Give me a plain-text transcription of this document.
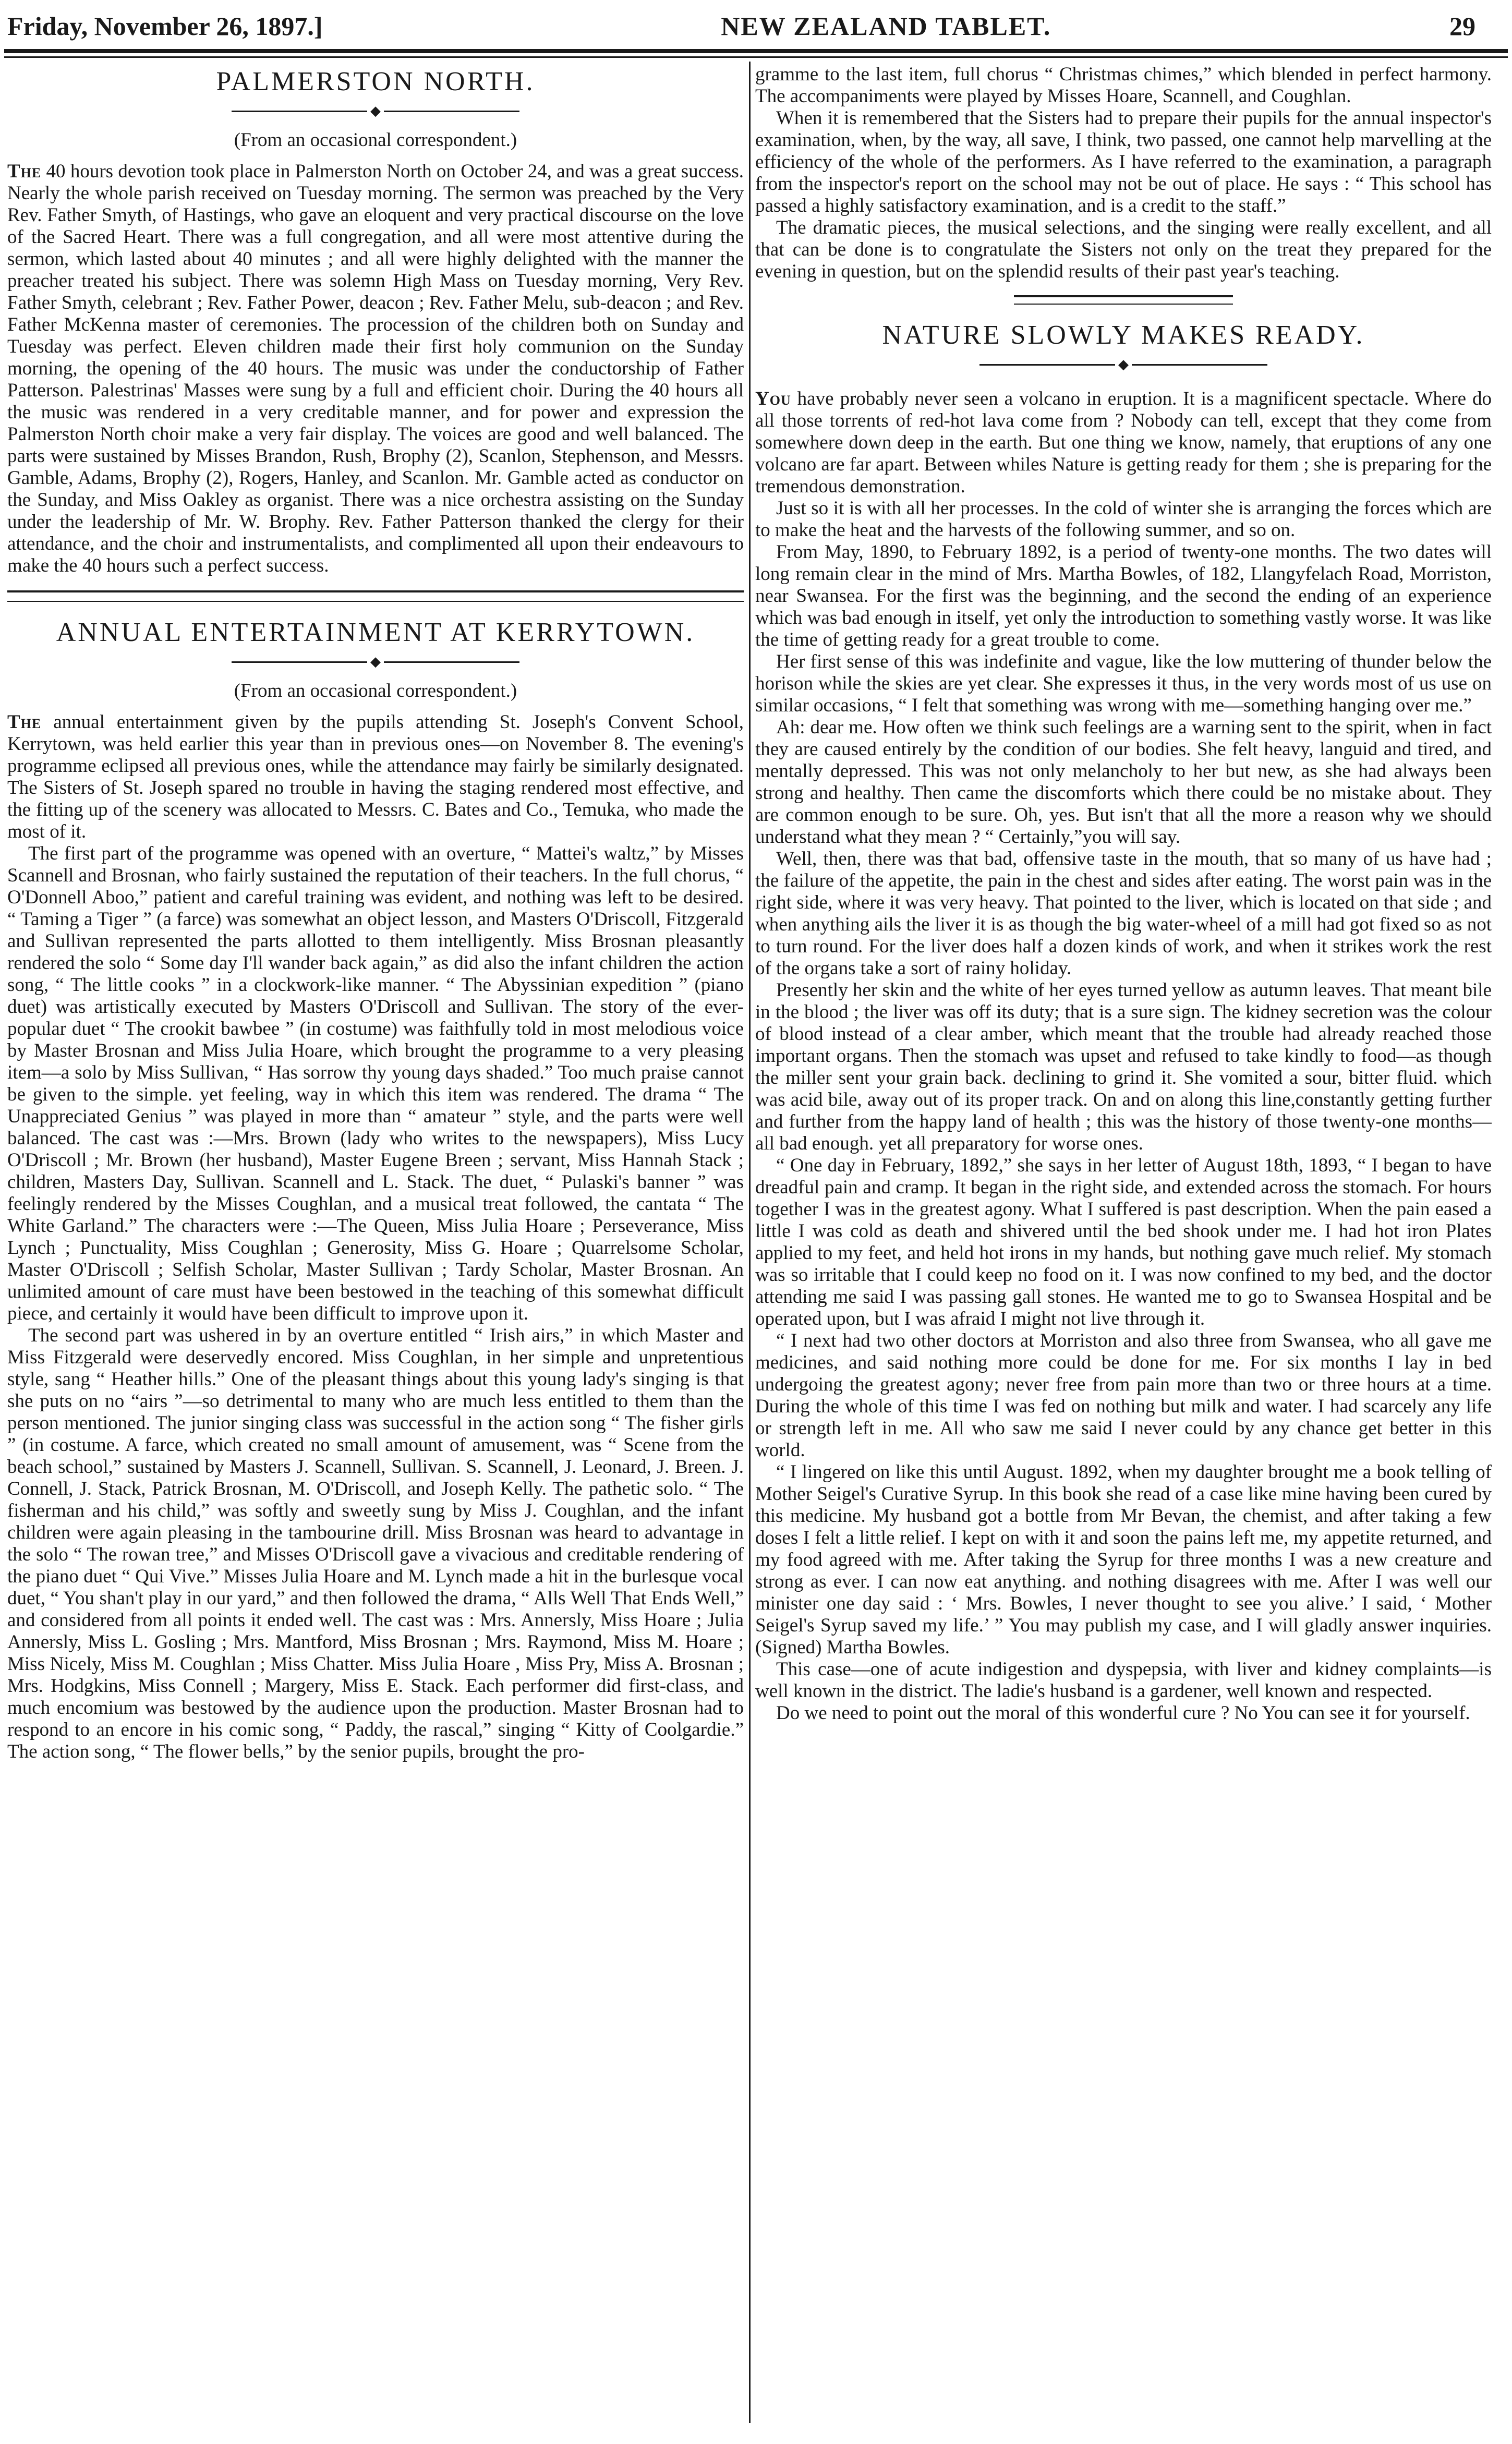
Friday, November 26, 1897.]	NEW ZEALAND TABLET.	29
PALMERSTON NORTH.
◆
(From an occasional correspondent.)

The 40 hours devotion took place in Palmerston North on October 24, and was a great success. Nearly the whole parish received on Tuesday morning. The sermon was preached by the Very Rev. Father Smyth, of Hastings, who gave an eloquent and very practical discourse on the love of the Sacred Heart. There was a full congregation, and all were most attentive during the sermon, which lasted about 40 minutes ; and all were highly delighted with the manner the preacher treated his subject. There was solemn High Mass on Tuesday morning, Very Rev. Father Smyth, celebrant ; Rev. Father Power, deacon ; Rev. Father Melu, sub-deacon ; and Rev. Father McKenna master of ceremonies. The procession of the children both on Sunday and Tuesday was perfect. Eleven children made their first holy communion on the Sunday morning, the opening of the 40 hours. The music was under the conductorship of Father Patterson. Palestrinas' Masses were sung by a full and efficient choir. During the 40 hours all the music was rendered in a very creditable manner, and for power and expression the Palmerston North choir make a very fair display. The voices are good and well balanced. The parts were sustained by Misses Brandon, Rush, Brophy (2), Scanlon, Stephenson, and Messrs. Gamble, Adams, Brophy (2), Rogers, Hanley, and Scanlon. Mr. Gamble acted as conductor on the Sunday, and Miss Oakley as organist. There was a nice orchestra assisting on the Sunday under the leadership of Mr. W. Brophy. Rev. Father Patterson thanked the clergy for their attendance, and the choir and instrumentalists, and complimented all upon their endeavours to make the 40 hours such a perfect success.

ANNUAL ENTERTAINMENT AT KERRYTOWN.
◆
(From an occasional correspondent.)

The annual entertainment given by the pupils attending St. Joseph's Convent School, Kerrytown, was held earlier this year than in previous ones—on November 8. The evening's programme eclipsed all previous ones, while the attendance may fairly be similarly designated. The Sisters of St. Joseph spared no trouble in having the staging rendered most effective, and the fitting up of the scenery was allocated to Messrs. C. Bates and Co., Temuka, who made the most of it.

The first part of the programme was opened with an overture, “ Mattei's waltz,” by Misses Scannell and Brosnan, who fairly sustained the reputation of their teachers. In the full chorus, “ O'Donnell Aboo,” patient and careful training was evident, and nothing was left to be desired. “ Taming a Tiger ” (a farce) was somewhat an object lesson, and Masters O'Driscoll, Fitzgerald and Sullivan represented the parts allotted to them intelligently. Miss Brosnan pleasantly rendered the solo “ Some day I'll wander back again,” as did also the infant children the action song, “ The little cooks ” in a clockwork-like manner. “ The Abyssinian expedition ” (piano duet) was artistically executed by Masters O'Driscoll and Sullivan. The story of the ever-popular duet “ The crookit bawbee ” (in costume) was faithfully told in most melodious voice by Master Brosnan and Miss Julia Hoare, which brought the programme to a very pleasing item—a solo by Miss Sullivan, “ Has sorrow thy young days shaded.” Too much praise cannot be given to the simple. yet feeling, way in which this item was rendered. The drama “ The Unappreciated Genius ” was played in more than “ amateur ” style, and the parts were well balanced. The cast was :—Mrs. Brown (lady who writes to the newspapers), Miss Lucy O'Driscoll ; Mr. Brown (her husband), Master Eugene Breen ; servant, Miss Hannah Stack ; children, Masters Day, Sullivan. Scannell and L. Stack. The duet, “ Pulaski's banner ” was feelingly rendered by the Misses Coughlan, and a musical treat followed, the cantata “ The White Garland.” The characters were :—The Queen, Miss Julia Hoare ; Perseverance, Miss Lynch ; Punctuality, Miss Coughlan ; Generosity, Miss G. Hoare ; Quarrelsome Scholar, Master O'Driscoll ; Selfish Scholar, Master Sullivan ; Tardy Scholar, Master Brosnan. An unlimited amount of care must have been bestowed in the teaching of this somewhat difficult piece, and certainly it would have been difficult to improve upon it.

The second part was ushered in by an overture entitled “ Irish airs,” in which Master and Miss Fitzgerald were deservedly encored. Miss Coughlan, in her simple and unpretentious style, sang “ Heather hills.” One of the pleasant things about this young lady's singing is that she puts on no “airs ”—so detrimental to many who are much less entitled to them than the person mentioned. The junior singing class was successful in the action song “ The fisher girls ” (in costume. A farce, which created no small amount of amusement, was “ Scene from the beach school,” sustained by Masters J. Scannell, Sullivan. S. Scannell, J. Leonard, J. Breen. J. Connell, J. Stack, Patrick Brosnan, M. O'Driscoll, and Joseph Kelly. The pathetic solo. “ The fisherman and his child,” was softly and sweetly sung by Miss J. Coughlan, and the infant children were again pleasing in the tambourine drill. Miss Brosnan was heard to advantage in the solo “ The rowan tree,” and Misses O'Driscoll gave a vivacious and creditable rendering of the piano duet “ Qui Vive.” Misses Julia Hoare and M. Lynch made a hit in the burlesque vocal duet, “ You shan't play in our yard,” and then followed the drama, “ Alls Well That Ends Well,” and considered from all points it ended well. The cast was : Mrs. Annersly, Miss Hoare ; Julia Annersly, Miss L. Gosling ; Mrs. Mantford, Miss Brosnan ; Mrs. Raymond, Miss M. Hoare ; Miss Nicely, Miss M. Coughlan ; Miss Chatter. Miss Julia Hoare , Miss Pry, Miss A. Brosnan ; Mrs. Hodgkins, Miss Connell ; Margery, Miss E. Stack. Each performer did first-class, and much encomium was bestowed by the audience upon the production. Master Brosnan had to respond to an encore in his comic song, “ Paddy, the rascal,” singing “ Kitty of Coolgardie.” The action song, “ The flower bells,” by the senior pupils, brought the pro-

gramme to the last item, full chorus “ Christmas chimes,” which blended in perfect harmony. The accompaniments were played by Misses Hoare, Scannell, and Coughlan.

When it is remembered that the Sisters had to prepare their pupils for the annual inspector's examination, when, by the way, all save, I think, two passed, one cannot help marvelling at the efficiency of the whole of the performers. As I have referred to the examination, a paragraph from the inspector's report on the school may not be out of place. He says : “ This school has passed a highly satisfactory examination, and is a credit to the staff.”

The dramatic pieces, the musical selections, and the singing were really excellent, and all that can be done is to congratulate the Sisters not only on the treat they prepared for the evening in question, but on the splendid results of their past year's teaching.

NATURE SLOWLY MAKES READY.
◆

You have probably never seen a volcano in eruption. It is a magnificent spectacle. Where do all those torrents of red-hot lava come from ? Nobody can tell, except that they come from somewhere down deep in the earth. But one thing we know, namely, that eruptions of any one volcano are far apart. Between whiles Nature is getting ready for them ; she is preparing for the tremendous demonstration.

Just so it is with all her processes. In the cold of winter she is arranging the forces which are to make the heat and the harvests of the following summer, and so on.

From May, 1890, to February 1892, is a period of twenty-one months. The two dates will long remain clear in the mind of Mrs. Martha Bowles, of 182, Llangyfelach Road, Morriston, near Swansea. For the first was the beginning, and the second the ending of an experience which was bad enough in itself, yet only the introduction to something vastly worse. It was like the time of getting ready for a great trouble to come.

Her first sense of this was indefinite and vague, like the low muttering of thunder below the horison while the skies are yet clear. She expresses it thus, in the very words most of us use on similar occasions, “ I felt that something was wrong with me—something hanging over me.”

Ah: dear me. How often we think such feelings are a warning sent to the spirit, when in fact they are caused entirely by the condition of our bodies. She felt heavy, languid and tired, and mentally depressed. This was not only melancholy to her but new, as she had always been strong and healthy. Then came the discomforts which there could be no mistake about. They are common enough to be sure. Oh, yes. But isn't that all the more a reason why we should understand what they mean ? “ Certainly,”you will say.

Well, then, there was that bad, offensive taste in the mouth, that so many of us have had ; the failure of the appetite, the pain in the chest and sides after eating. The worst pain was in the right side, where it was very heavy. That pointed to the liver, which is located on that side ; and when anything ails the liver it is as though the big water-wheel of a mill had got fixed so as not to turn round. For the liver does half a dozen kinds of work, and when it strikes work the rest of the organs take a sort of rainy holiday.

Presently her skin and the white of her eyes turned yellow as autumn leaves. That meant bile in the blood ; the liver was off its duty; that is a sure sign. The kidney secretion was the colour of blood instead of a clear amber, which meant that the trouble had already reached those important organs. Then the stomach was upset and refused to take kindly to food—as though the miller sent your grain back. declining to grind it. She vomited a sour, bitter fluid. which was acid bile, away out of its proper track. On and on along this line,constantly getting further and further from the happy land of health ; this was the history of those twenty-one months—all bad enough. yet all preparatory for worse ones.

“ One day in February, 1892,” she says in her letter of August 18th, 1893, “ I began to have dreadful pain and cramp. It began in the right side, and extended across the stomach. For hours together I was in the greatest agony. What I suffered is past description. When the pain eased a little I was cold as death and shivered until the bed shook under me. I had hot iron Plates applied to my feet, and held hot irons in my hands, but nothing gave much relief. My stomach was so irritable that I could keep no food on it. I was now confined to my bed, and the doctor attending me said I was passing gall stones. He wanted me to go to Swansea Hospital and be operated upon, but I was afraid I might not live through it.

“ I next had two other doctors at Morriston and also three from Swansea, who all gave me medicines, and said nothing more could be done for me. For six months I lay in bed undergoing the greatest agony; never free from pain more than two or three hours at a time. During the whole of this time I was fed on nothing but milk and water. I had scarcely any life or strength left in me. All who saw me said I never could by any chance get better in this world.

“ I lingered on like this until August. 1892, when my daughter brought me a book telling of Mother Seigel's Curative Syrup. In this book she read of a case like mine having been cured by this medicine. My husband got a bottle from Mr Bevan, the chemist, and after taking a few doses I felt a little relief. I kept on with it and soon the pains left me, my appetite returned, and my food agreed with me. After taking the Syrup for three months I was a new creature and strong as ever. I can now eat anything. and nothing disagrees with me. After I was well our minister one day said : ‘ Mrs. Bowles, I never thought to see you alive.’ I said, ‘ Mother Seigel's Syrup saved my life.’ ” You may publish my case, and I will gladly answer inquiries. (Signed) Martha Bowles.

This case—one of acute indigestion and dyspepsia, with liver and kidney complaints—is well known in the district. The ladie's husband is a gardener, well known and respected.

Do we need to point out the moral of this wonderful cure ? No You can see it for yourself.
